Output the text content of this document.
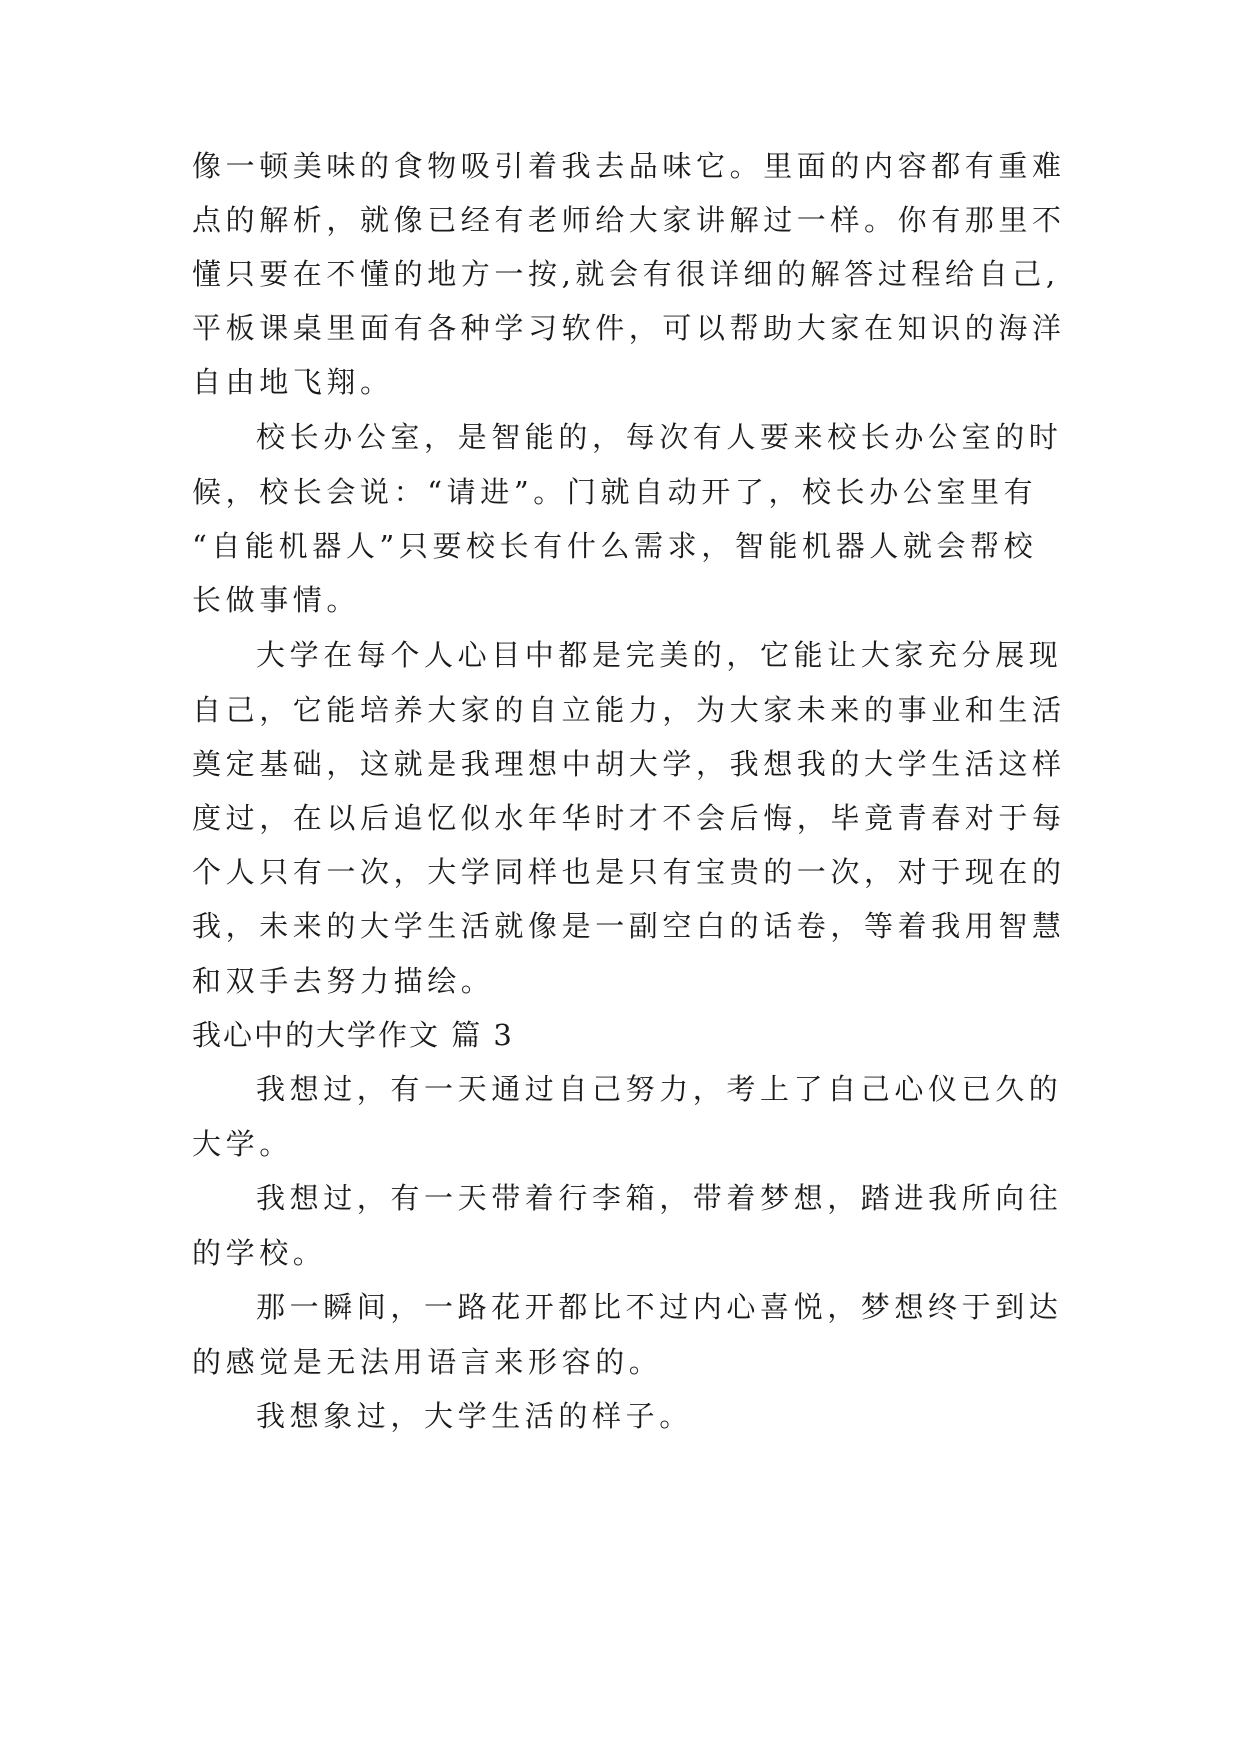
像一顿美味的食物吸引着我去品味它。里面的内容都有重难
点的解析，就像已经有老师给大家讲解过一样。你有那里不
懂只要在不懂的地方一按,就会有很详细的解答过程给自己,
平板课桌里面有各种学习软件，可以帮助大家在知识的海洋
自由地飞翔。
校长办公室，是智能的，每次有人要来校长办公室的时
候，校长会说：“请进”。门就自动开了，校长办公室里有
“自能机器人”只要校长有什么需求，智能机器人就会帮校
长做事情。
大学在每个人心目中都是完美的，它能让大家充分展现
自己，它能培养大家的自立能力，为大家未来的事业和生活
奠定基础，这就是我理想中胡大学，我想我的大学生活这样
度过，在以后追忆似水年华时才不会后悔，毕竟青春对于每
个人只有一次，大学同样也是只有宝贵的一次，对于现在的
我，未来的大学生活就像是一副空白的话卷，等着我用智慧
和双手去努力描绘。
我心中的大学作文 篇 3
我想过，有一天通过自己努力，考上了自己心仪已久的
大学。
我想过，有一天带着行李箱，带着梦想，踏进我所向往
的学校。
那一瞬间，一路花开都比不过内心喜悦，梦想终于到达
的感觉是无法用语言来形容的。
我想象过，大学生活的样子。
